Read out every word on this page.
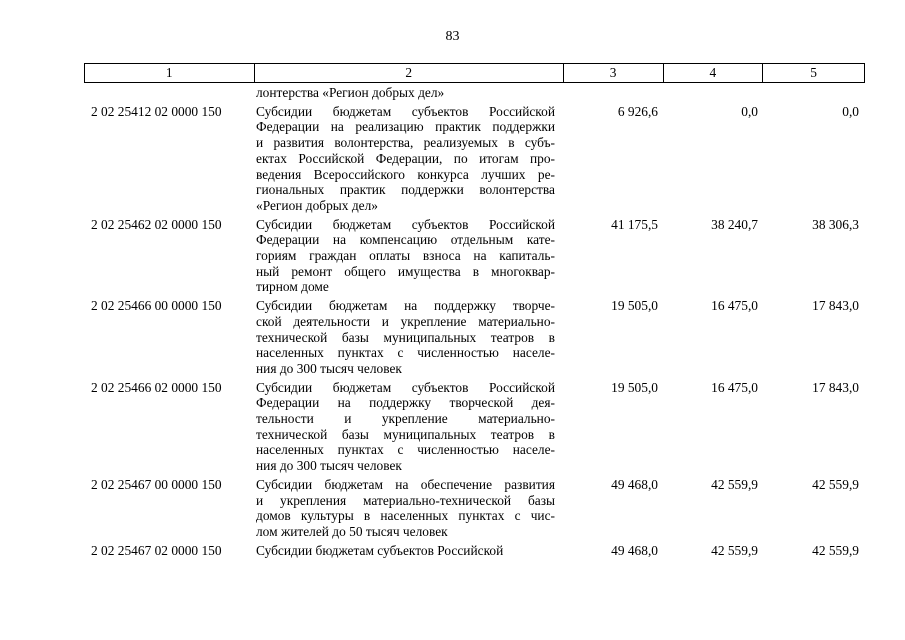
83
1	2	3	4	5
лонтерства «Регион добрых дел»
2 02 25412 02 0000 150	Субсидии бюджетам субъектов Российской
Федерации на реализацию практик поддержки
и развития волонтерства, реализуемых в субъ-
ектах Российской Федерации, по итогам про-
ведения Всероссийского конкурса лучших ре-
гиональных практик поддержки волонтерства
«Регион добрых дел»
6 926,6	0,0	0,0
2 02 25462 02 0000 150	Субсидии бюджетам субъектов Российской
Федерации на компенсацию отдельным кате-
гориям граждан оплаты взноса на капиталь-
ный ремонт общего имущества в многоквар-
тирном доме
41 175,5	38 240,7	38 306,3
2 02 25466 00 0000 150	Субсидии бюджетам на поддержку творче-
ской деятельности и укрепление материально-
технической базы муниципальных театров в
населенных пунктах с численностью населе-
ния до 300 тысяч человек
19 505,0	16 475,0	17 843,0
2 02 25466 02 0000 150	Субсидии бюджетам субъектов Российской
Федерации на поддержку творческой дея-
тельности и укрепление материально-
технической базы муниципальных театров в
населенных пунктах с численностью населе-
ния до 300 тысяч человек
19 505,0	16 475,0	17 843,0
2 02 25467 00 0000 150	Субсидии бюджетам на обеспечение развития
и укрепления материально-технической базы
домов культуры в населенных пунктах с чис-
лом жителей до 50 тысяч человек
49 468,0	42 559,9	42 559,9
2 02 25467 02 0000 150	Субсидии бюджетам субъектов Российской	49 468,0	42 559,9	42 559,9
